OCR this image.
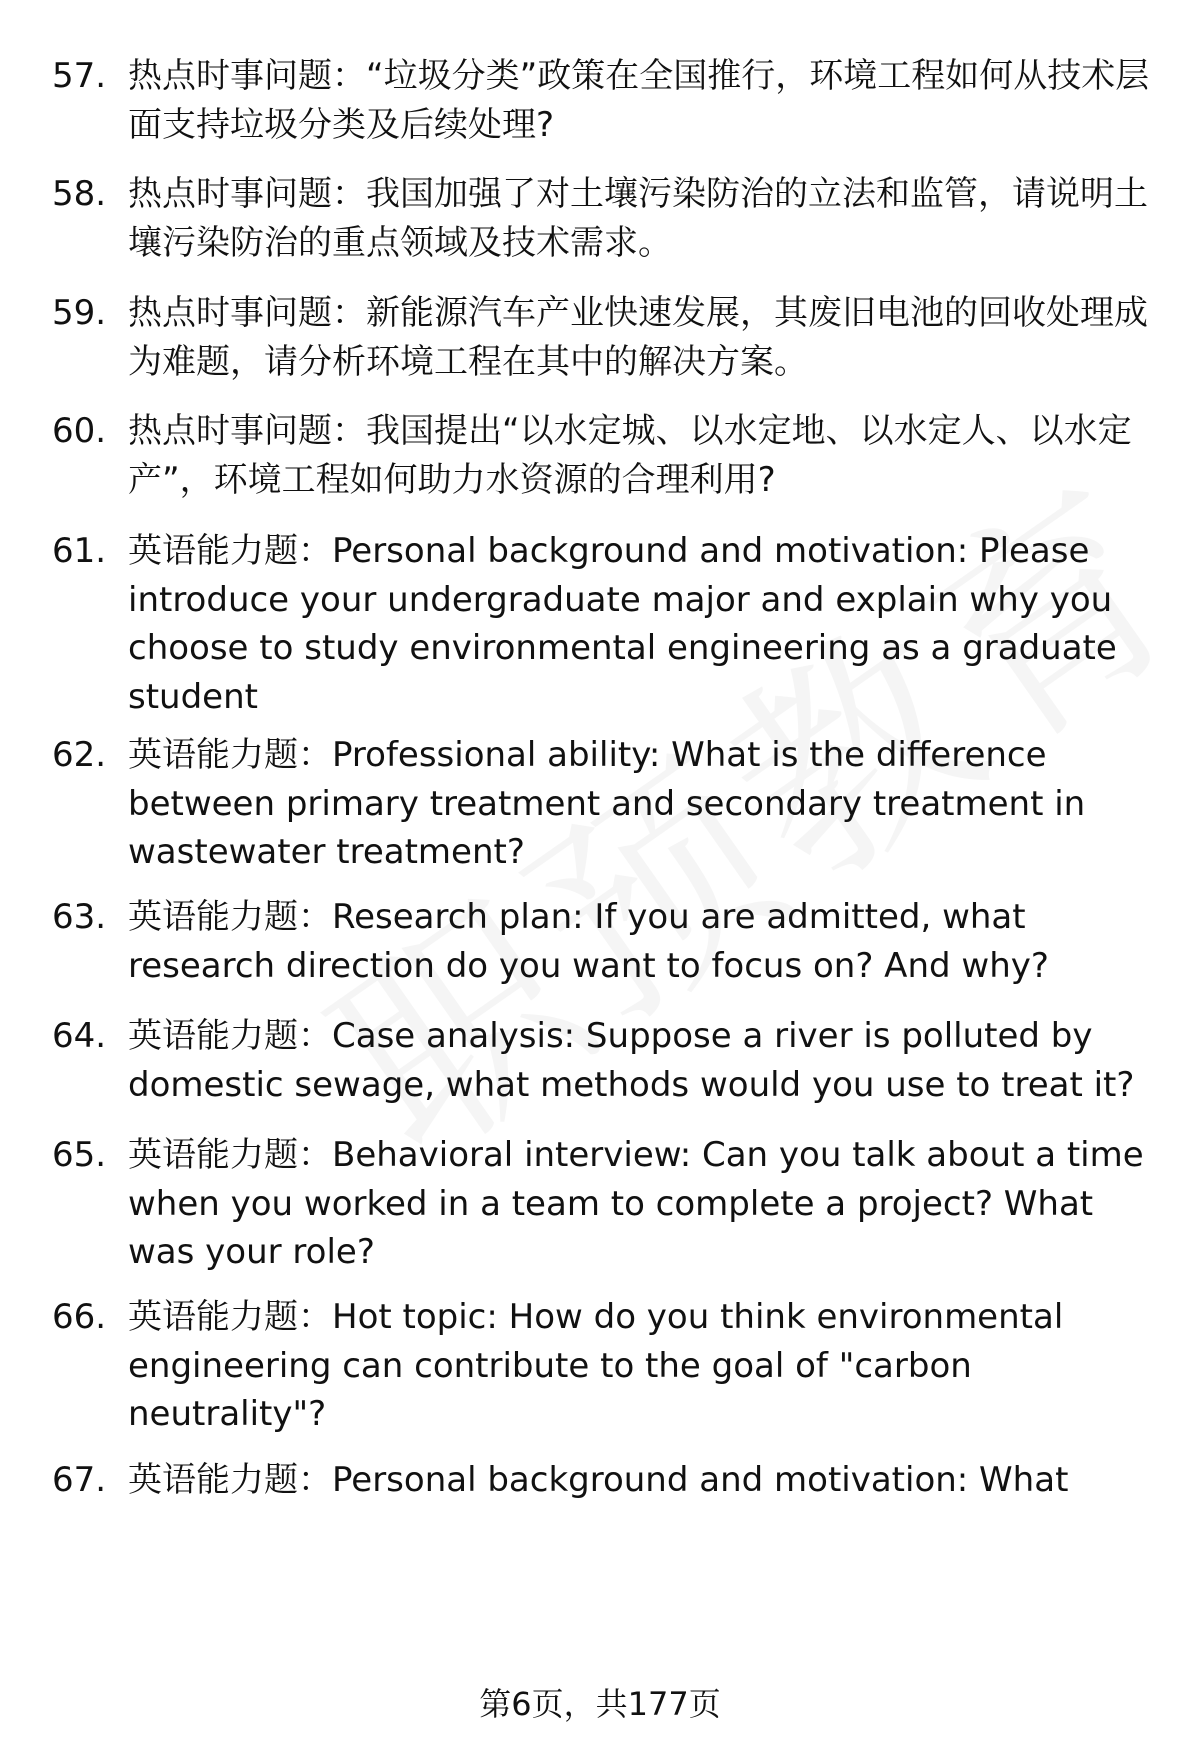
57. 热点时事问题：“垃圾分类”政策在全国推行，环境工程如何从技术层面支持垃圾分类及后续处理?
58. 热点时事问题：我国加强了对土壤污染防治的立法和监管，请说明土壤污染防治的重点领域及技术需求。
59. 热点时事问题：新能源汽车产业快速发展，其废旧电池的回收处理成为难题，请分析环境工程在其中的解决方案。
60. 热点时事问题：我国提出“以水定城、以水定地、以水定人、以水定产”，环境工程如何助力水资源的合理利用?
61. 英语能力题：Personal background and motivation: Please introduce your undergraduate major and explain why you choose to study environmental engineering as a graduate student
62. 英语能力题：Professional ability: What is the difference between primary treatment and secondary treatment in wastewater treatment?
63. 英语能力题：Research plan: If you are admitted, what research direction do you want to focus on? And why?
64. 英语能力题：Case analysis: Suppose a river is polluted by domestic sewage, what methods would you use to treat it?
65. 英语能力题：Behavioral interview: Can you talk about a time when you worked in a team to complete a project? What was your role?
66. 英语能力题：Hot topic: How do you think environmental engineering can contribute to the goal of "carbon neutrality"?
67. 英语能力题：Personal background and motivation: What
第6页，共177页
